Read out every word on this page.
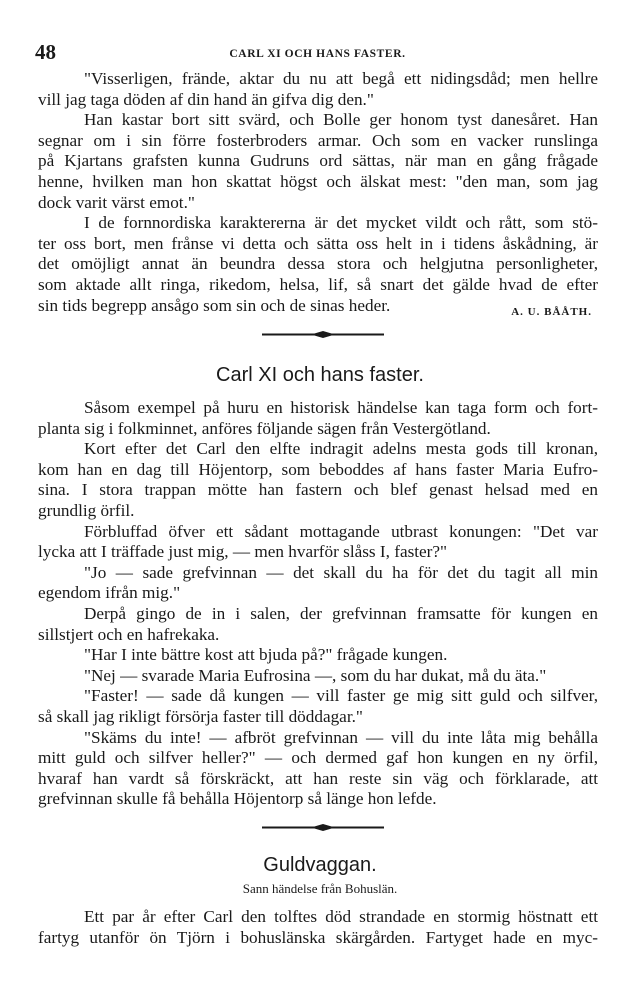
48	CARL XI OCH HANS FASTER.
"Visserligen, frände, aktar du nu att begå ett nidingsdåd; men hellre
vill jag taga döden af din hand än gifva dig den."
Han kastar bort sitt svärd, och Bolle ger honom tyst danesåret. Han
segnar om i sin förre fosterbroders armar. Och som en vacker runslinga
på Kjartans grafsten kunna Gudruns ord sättas, när man en gång frågade
henne, hvilken man hon skattat högst och älskat mest: "den man, som jag
dock varit värst emot."
I de fornnordiska karaktererna är det mycket vildt och rått, som stö-
ter oss bort, men frånse vi detta och sätta oss helt in i tidens åskådning, är
det omöjligt annat än beundra dessa stora och helgjutna personligheter,
som aktade allt ringa, rikedom, helsa, lif, så snart det gälde hvad de efter
sin tids begrepp ansågo som sin och de sinas heder.	A. U. BÅÅTH.
Carl XI och hans faster.
Såsom exempel på huru en historisk händelse kan taga form och fort-
planta sig i folkminnet, anföres följande sägen från Vestergötland.
Kort efter det Carl den elfte indragit adelns mesta gods till kronan,
kom han en dag till Höjentorp, som beboddes af hans faster Maria Eufro-
sina. I stora trappan mötte han fastern och blef genast helsad med en
grundlig örfil.
Förbluffad öfver ett sådant mottagande utbrast konungen: "Det var
lycka att I träffade just mig, — men hvarför slåss I, faster?"
"Jo — sade grefvinnan — det skall du ha för det du tagit all min
egendom ifrån mig."
Derpå gingo de in i salen, der grefvinnan framsatte för kungen en
sillstjert och en hafrekaka.
"Har I inte bättre kost att bjuda på?" frågade kungen.
"Nej — svarade Maria Eufrosina —, som du har dukat, må du äta."
"Faster! — sade då kungen — vill faster ge mig sitt guld och silfver,
så skall jag rikligt försörja faster till döddagar."
"Skäms du inte! — afbröt grefvinnan — vill du inte låta mig behålla
mitt guld och silfver heller?" — och dermed gaf hon kungen en ny örfil,
hvaraf han vardt så förskräckt, att han reste sin väg och förklarade, att
grefvinnan skulle få behålla Höjentorp så länge hon lefde.
Guldvaggan.
Sann händelse från Bohuslän.
Ett par år efter Carl den tolftes död strandade en stormig höstnatt ett
fartyg utanför ön Tjörn i bohuslänska skärgården. Fartyget hade en myc-
